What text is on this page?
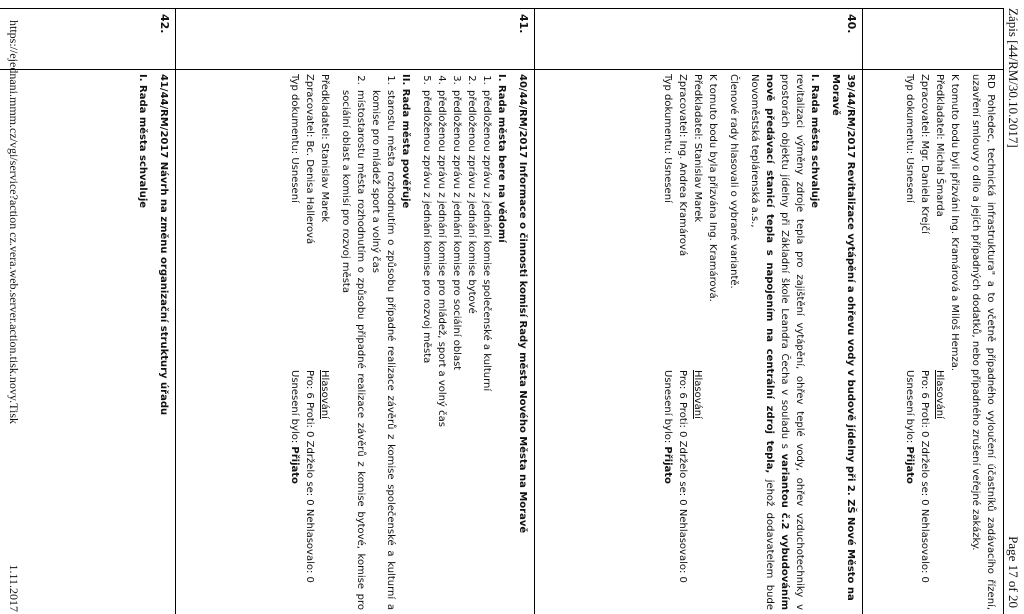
Zápis [44/RM/30.10.2017]
Page 17 of 20

RD Pohledec, technická infrastruktura" a to včetně případného vyloučení účastníků zadávacího řízení, uzavření smlouvy o dílo a jejích případných dodatků, nebo případného zrušení veřejné zakázky.

K tomuto bodu byli přizváni Ing. Kramárová a Miloš Hemza.

Předkladatel: Michal Šmarda
Hlasování
Zpracovatel: Mgr. Daniela Krejčí
Pro: 6 Proti: 0 Zdrželo se: 0 Nehlasovalo: 0
Typ dokumentu: Usnesení
Usnesení bylo: Přijato
40.

39/44/RM/2017 Revitalizace vytápění a ohřevu vody v budově jídelny při 2. ZŠ Nové Město na Moravě

I. Rada města schvaluje

revitalizaci výměny zdroje tepla pro zajištění vytápění, ohřev teplé vody, ohřev vzduchotechniky v prostorách objektu jídelny při Základní škole Leandra Čecha v souladu s variantou č.2 vybudováním nově předávací stanicí tepla s napojením na centrální zdroj tepla, jehož dodavatelem bude Novoměstská teplárenská a.s.,

Členové rady hlasovali o vybrané variantě.

K tomuto bodu byla přizvána Ing. Kramárová.

Předkladatel: Stanislav Marek
Hlasování
Zpracovatel: Ing. Andrea Kramárová
Pro: 6 Proti: 0 Zdrželo se: 0 Nehlasovalo: 0
Typ dokumentu: Usnesení
Usnesení bylo: Přijato
41.

40/44/RM/2017 Informace o činnosti komisí Rady města Nového Města na Moravě

I. Rada města bere na vědomí

1. předloženou zprávu z jednání komise společenské a kulturní
2. předloženou zprávu z jednání komise bytové
3. předloženou zprávu z jednání komise pro sociální oblast
4. předloženou zprávu z jednání komise pro mládež, sport a volný čas
5. předloženou zprávu z jednání komise pro rozvoj města

II. Rada města pověřuje

1. starostu města rozhodnutím o způsobu případné realizace závěrů z komise společenské a kulturní a komise pro mládež sport a volný čas
2. místostarostu města rozhodnutím o způsobu případné realizace závěrů z komise bytové, komise pro sociální oblast a komisí pro rozvoj města
Předkladatel: Stanislav Marek
Hlasování
Zpracovatel: Bc. Denisa Hallerová
Pro: 6 Proti: 0 Zdrželo se: 0 Nehlasovalo: 0
Typ dokumentu: Usnesení
Usnesení bylo: Přijato
42.

41/44/RM/2017 Návrh na změnu organizační struktury úřadu

I. Rada města schvaluje

https://ejednani.mmm.cz/vgi/service?action cz.vera.web.server.action.tisk.novy.Tisk
1.11.2017
